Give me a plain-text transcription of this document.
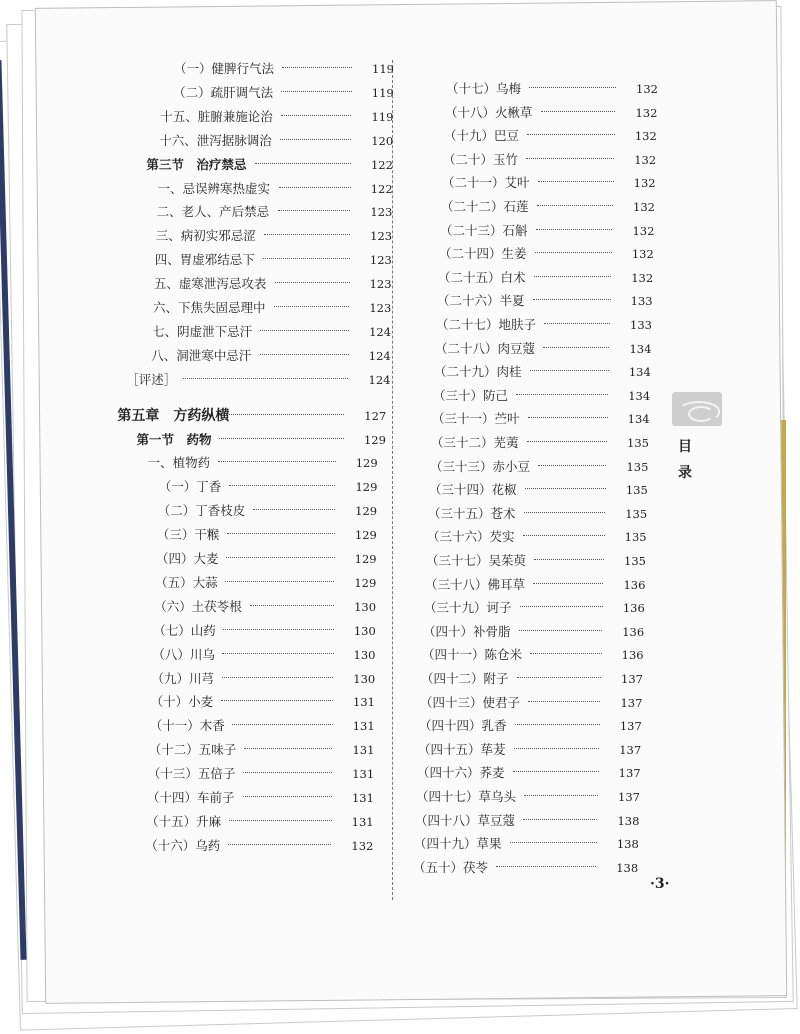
（一）健脾行气法	119
（二）疏肝调气法	119
十五、脏腑兼施论治	119
十六、泄泻据脉调治	120
第三节　治疗禁忌	122
一、忌误辨寒热虚实	122
二、老人、产后禁忌	123
三、病初实邪忌涩	123
四、胃虚邪结忌下	123
五、虚寒泄泻忌攻表	123
六、下焦失固忌理中	123
七、阴虚泄下忌汗	124
八、洞泄寒中忌汗	124
［评述］	124
第五章　方药纵横	127
第一节　药物	129
一、植物药	129
（一）丁香	129
（二）丁香枝皮	129
（三）干糇	129
（四）大麦	129
（五）大蒜	129
（六）土茯苓根	130
（七）山药	130
（八）川乌	130
（九）川芎	130
（十）小麦	131
（十一）木香	131
（十二）五味子	131
（十三）五倍子	131
（十四）车前子	131
（十五）升麻	131
（十六）乌药	132
（十七）乌梅	132
（十八）火楸草	132
（十九）巴豆	132
（二十）玉竹	132
（二十一）艾叶	132
（二十二）石莲	132
（二十三）石斛	132
（二十四）生姜	132
（二十五）白术	132
（二十六）半夏	133
（二十七）地肤子	133
（二十八）肉豆蔻	134
（二十九）肉桂	134
（三十）防己	134
（三十一）苎叶	134
（三十二）芜荑	135
（三十三）赤小豆	135
（三十四）花椒	135
（三十五）苍术	135
（三十六）芡实	135
（三十七）吴茱萸	135
（三十八）佛耳草	136
（三十九）诃子	136
（四十）补骨脂	136
（四十一）陈仓米	136
（四十二）附子	137
（四十三）使君子	137
（四十四）乳香	137
（四十五）荜茇	137
（四十六）荞麦	137
（四十七）草乌头	137
（四十八）草豆蔻	138
（四十九）草果	138
（五十）茯苓	138
目
录
·3·
